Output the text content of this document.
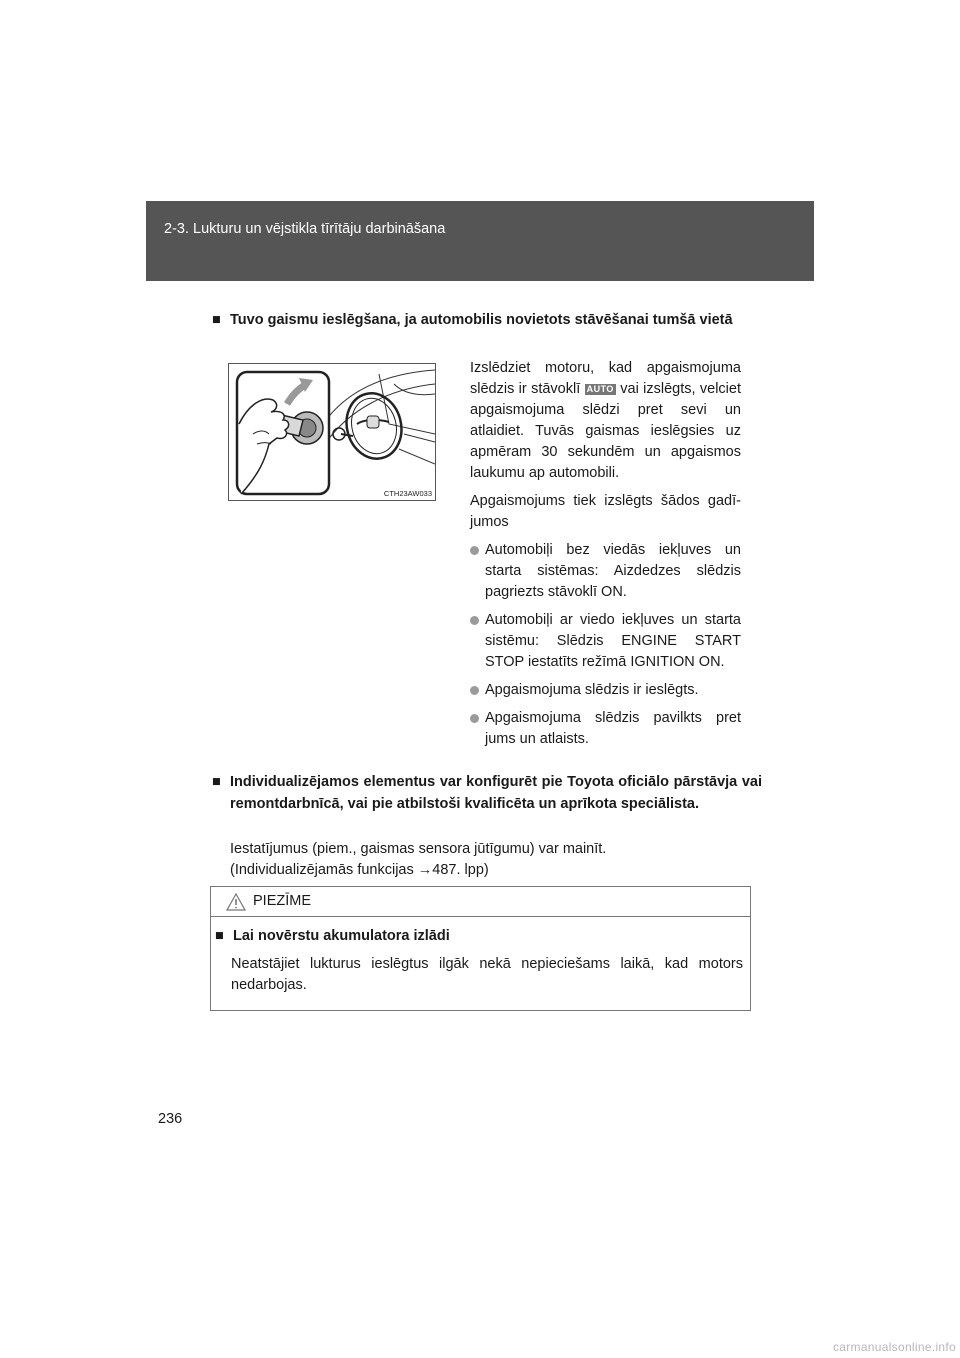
2-3. Lukturu un vējstikla tīrītāju darbināšana
■ Tuvo gaismu ieslēgšana, ja automobilis novietots stāvēšanai tumšā vietā
CTH23AW033

Izslēdziet motoru, kad apgaismojuma slēdzis ir stāvoklī AUTO vai izslēgts, velciet apgaismojuma slēdzi pret sevi un atlaidiet. Tuvās gaismas ieslēgsies uz apmēram 30 sekundēm un apgaismos laukumu ap automobili.

Apgaismojums tiek izslēgts šādos gadījumos

Automobiļi bez viedās iekļuves un starta sistēmas: Aizdedzes slēdzis pagriezts stāvoklī ON.
Automobiļi ar viedo iekļuves un starta sistēmu: Slēdzis ENGINE START STOP iestatīts režīmā IGNITION ON.
Apgaismojuma slēdzis ir ieslēgts.
Apgaismojuma slēdzis pavilkts pret jums un atlaists.
■ Individualizējamos elementus var konfigurēt pie Toyota oficiālo pārstāvja vai remontdarbnīcā, vai pie atbilstoši kvalificēta un aprīkota speciālista.
Iestatījumus (piem., gaismas sensora jūtīgumu) var mainīt.
(Individualizējamās funkcijas →487. lpp)
PIEZĪME
■ Lai novērstu akumulatora izlādi
Neatstājiet lukturus ieslēgtus ilgāk nekā nepieciešams laikā, kad motors nedarbojas.
236
carmanualsonline.info
